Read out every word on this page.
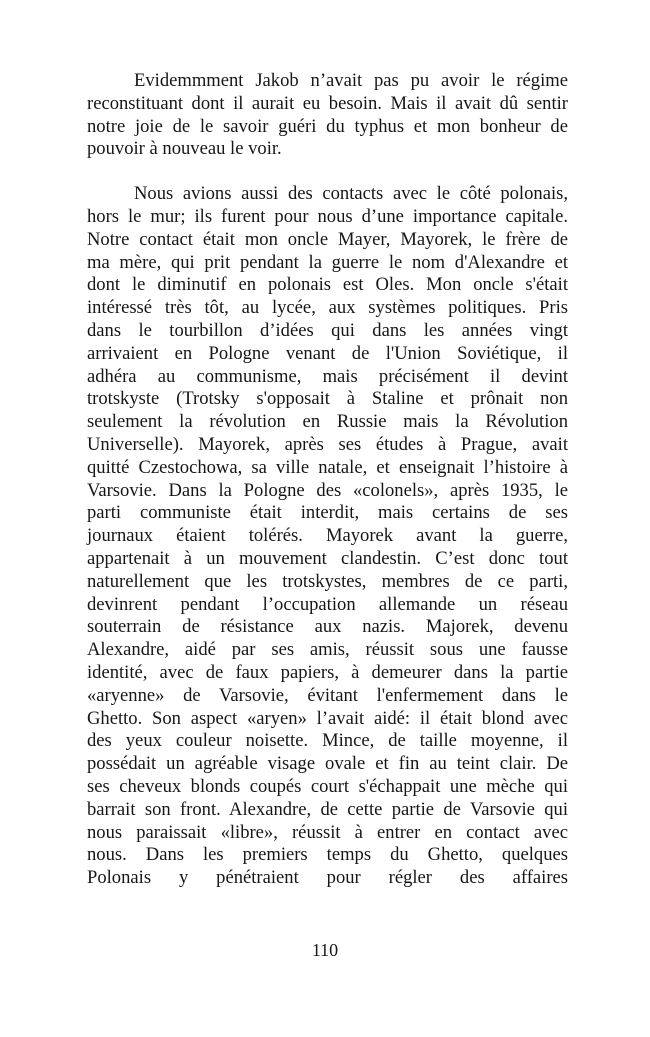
Evidemmment Jakob n’avait pas pu avoir le régime
reconstituant dont il aurait eu besoin. Mais il avait dû sentir
notre joie de le savoir guéri du typhus et mon bonheur de
pouvoir à nouveau le voir.

Nous avions aussi des contacts avec le côté polonais,
hors le mur; ils furent pour nous d’une importance capitale.
Notre contact était mon oncle Mayer, Mayorek, le frère de
ma mère, qui prit pendant la guerre le nom d'Alexandre et
dont le diminutif en polonais est Oles. Mon oncle s'était
intéressé très tôt, au lycée, aux systèmes politiques. Pris
dans le tourbillon d’idées qui dans les années vingt
arrivaient en Pologne venant de l'Union Soviétique, il
adhéra au communisme, mais précisément il devint
trotskyste (Trotsky s'opposait à Staline et prônait non
seulement la révolution en Russie mais la Révolution
Universelle). Mayorek, après ses études à Prague, avait
quitté Czestochowa, sa ville natale, et enseignait l’histoire à
Varsovie. Dans la Pologne des «colonels», après 1935, le
parti communiste était interdit, mais certains de ses
journaux étaient tolérés. Mayorek avant la guerre,
appartenait à un mouvement clandestin. C’est donc tout
naturellement que les trotskystes, membres de ce parti,
devinrent pendant l’occupation allemande un réseau
souterrain de résistance aux nazis. Majorek, devenu
Alexandre, aidé par ses amis, réussit sous une fausse
identité, avec de faux papiers, à demeurer dans la partie
«aryenne» de Varsovie, évitant l'enfermement dans le
Ghetto. Son aspect «aryen» l’avait aidé: il était blond avec
des yeux couleur noisette. Mince, de taille moyenne, il
possédait un agréable visage ovale et fin au teint clair. De
ses cheveux blonds coupés court s'échappait une mèche qui
barrait son front. Alexandre, de cette partie de Varsovie qui
nous paraissait «libre», réussit à entrer en contact avec
nous. Dans les premiers temps du Ghetto, quelques
Polonais y pénétraient pour régler des affaires

110
